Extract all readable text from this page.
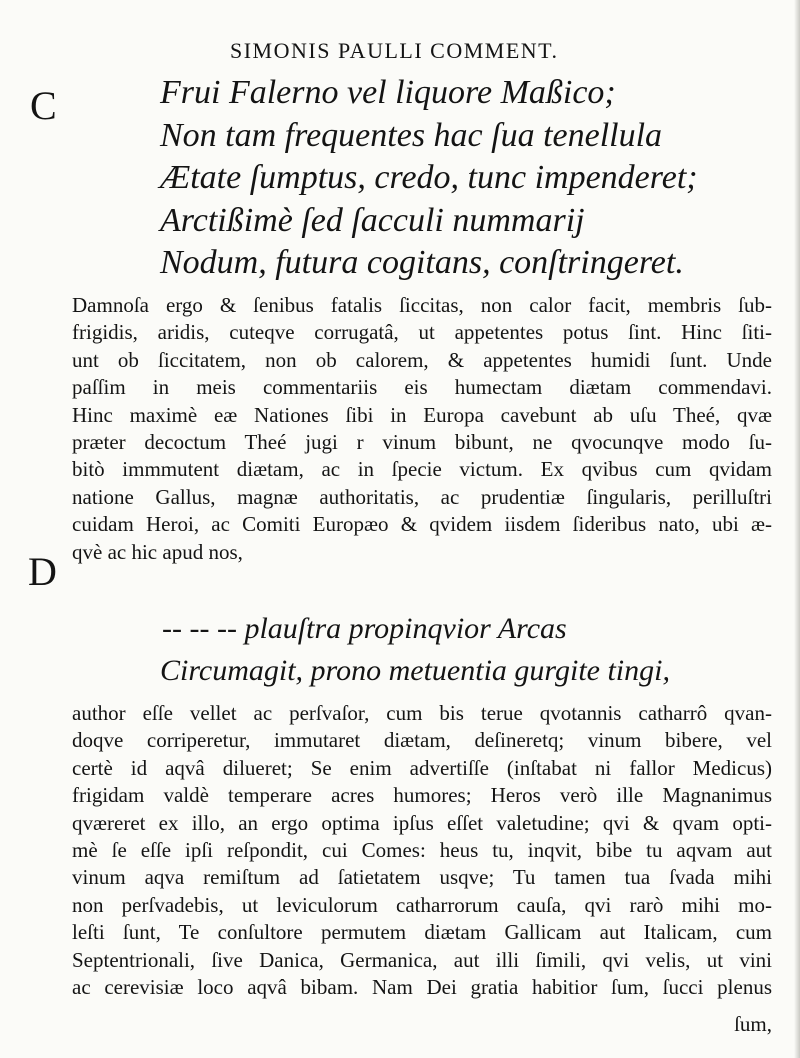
SIMONIS PAULLI COMMENT.
C
D
Frui Falerno vel liquore Maßico;
Non tam frequentes hac ſua tenellula
Ætate ſumptus, credo, tunc impenderet;
Arctißimè ſed ſacculi nummarij
Nodum, futura cogitans, conſtringeret.
Damnoſa ergo & ſenibus fatalis ſiccitas, non calor facit, membris ſub-
frigidis, aridis, cuteqve corrugatâ, ut appetentes potus ſint. Hinc ſiti-
unt ob ſiccitatem, non ob calorem, & appetentes humidi ſunt. Unde
paſſim in meis commentariis eis humectam diætam commendavi.
Hinc maximè eæ Nationes ſibi in Europa cavebunt ab uſu Theé, qvæ
præter decoctum Theé jugi r vinum bibunt, ne qvocunqve modo ſu-
bitò immmutent diætam, ac in ſpecie victum. Ex qvibus cum qvidam
natione Gallus, magnæ authoritatis, ac prudentiæ ſingularis, perilluſtri
cuidam Heroi, ac Comiti Europæo & qvidem iisdem ſideribus nato, ubi æ-
qvè ac hic apud nos,
-- -- -- plauſtra propinqvior Arcas
Circumagit, prono metuentia gurgite tingi,
author eſſe vellet ac perſvaſor, cum bis terue qvotannis catharrô qvan-
doqve corriperetur, immutaret diætam, deſineretq; vinum bibere, vel
certè id aqvâ dilueret; Se enim advertiſſe (inſtabat ni fallor Medicus)
frigidam valdè temperare acres humores; Heros verò ille Magnanimus
qværeret ex illo, an ergo optima ipſus eſſet valetudine; qvi & qvam opti-
mè ſe eſſe ipſi reſpondit, cui Comes: heus tu, inqvit, bibe tu aqvam aut
vinum aqva remiſtum ad ſatietatem usqve; Tu tamen tua ſvada mihi
non perſvadebis, ut leviculorum catharrorum cauſa, qvi rarò mihi mo-
leſti ſunt, Te conſultore permutem diætam Gallicam aut Italicam, cum
Septentrionali, ſive Danica, Germanica, aut illi ſimili, qvi velis, ut vini
ac cerevisiæ loco aqvâ bibam. Nam Dei gratia habitior ſum, ſucci plenus
ſum,
